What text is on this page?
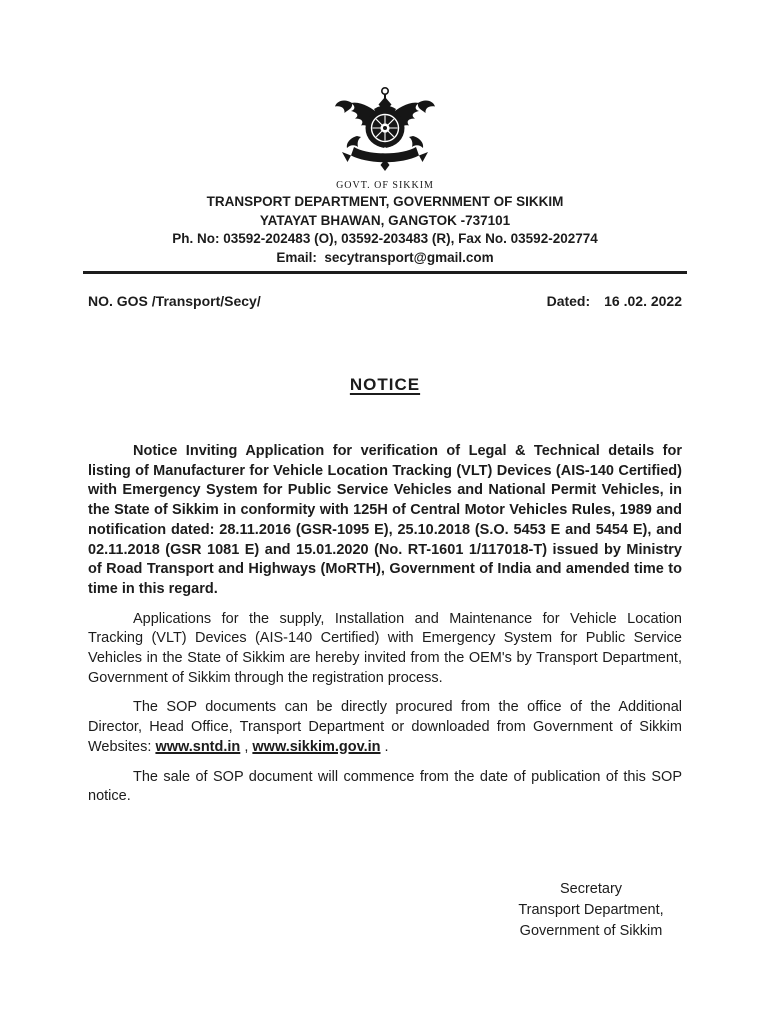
GOVT. OF SIKKIM
TRANSPORT DEPARTMENT, GOVERNMENT OF SIKKIM
YATAYAT BHAWAN, GANGTOK -737101
Ph. No: 03592-202483 (O), 03592-203483 (R), Fax No. 03592-202774
Email:  secytransport@gmail.com
NO. GOS /Transport/Secy/	Dated: 16 .02. 2022
NOTICE

Notice Inviting Application for verification of Legal & Technical details for listing of Manufacturer for Vehicle Location Tracking (VLT) Devices (AIS-140 Certified) with Emergency System for Public Service Vehicles and National Permit Vehicles, in the State of Sikkim in conformity with 125H of Central Motor Vehicles Rules, 1989 and notification dated: 28.11.2016 (GSR-1095 E), 25.10.2018 (S.O. 5453 E and 5454 E), and 02.11.2018 (GSR 1081 E) and 15.01.2020 (No. RT-1601 1/117018-T) issued by Ministry of Road Transport and Highways (MoRTH), Government of India and amended time to time in this regard.

Applications for the supply, Installation and Maintenance for Vehicle Location Tracking (VLT) Devices (AIS-140 Certified) with Emergency System for Public Service Vehicles in the State of Sikkim are hereby invited from the OEM's by Transport Department, Government of Sikkim through the registration process.

The SOP documents can be directly procured from the office of the Additional Director, Head Office, Transport Department or downloaded from Government of Sikkim Websites: www.sntd.in , www.sikkim.gov.in .

The sale of SOP document will commence from the date of publication of this SOP notice.

Secretary
Transport Department,
Government of Sikkim
